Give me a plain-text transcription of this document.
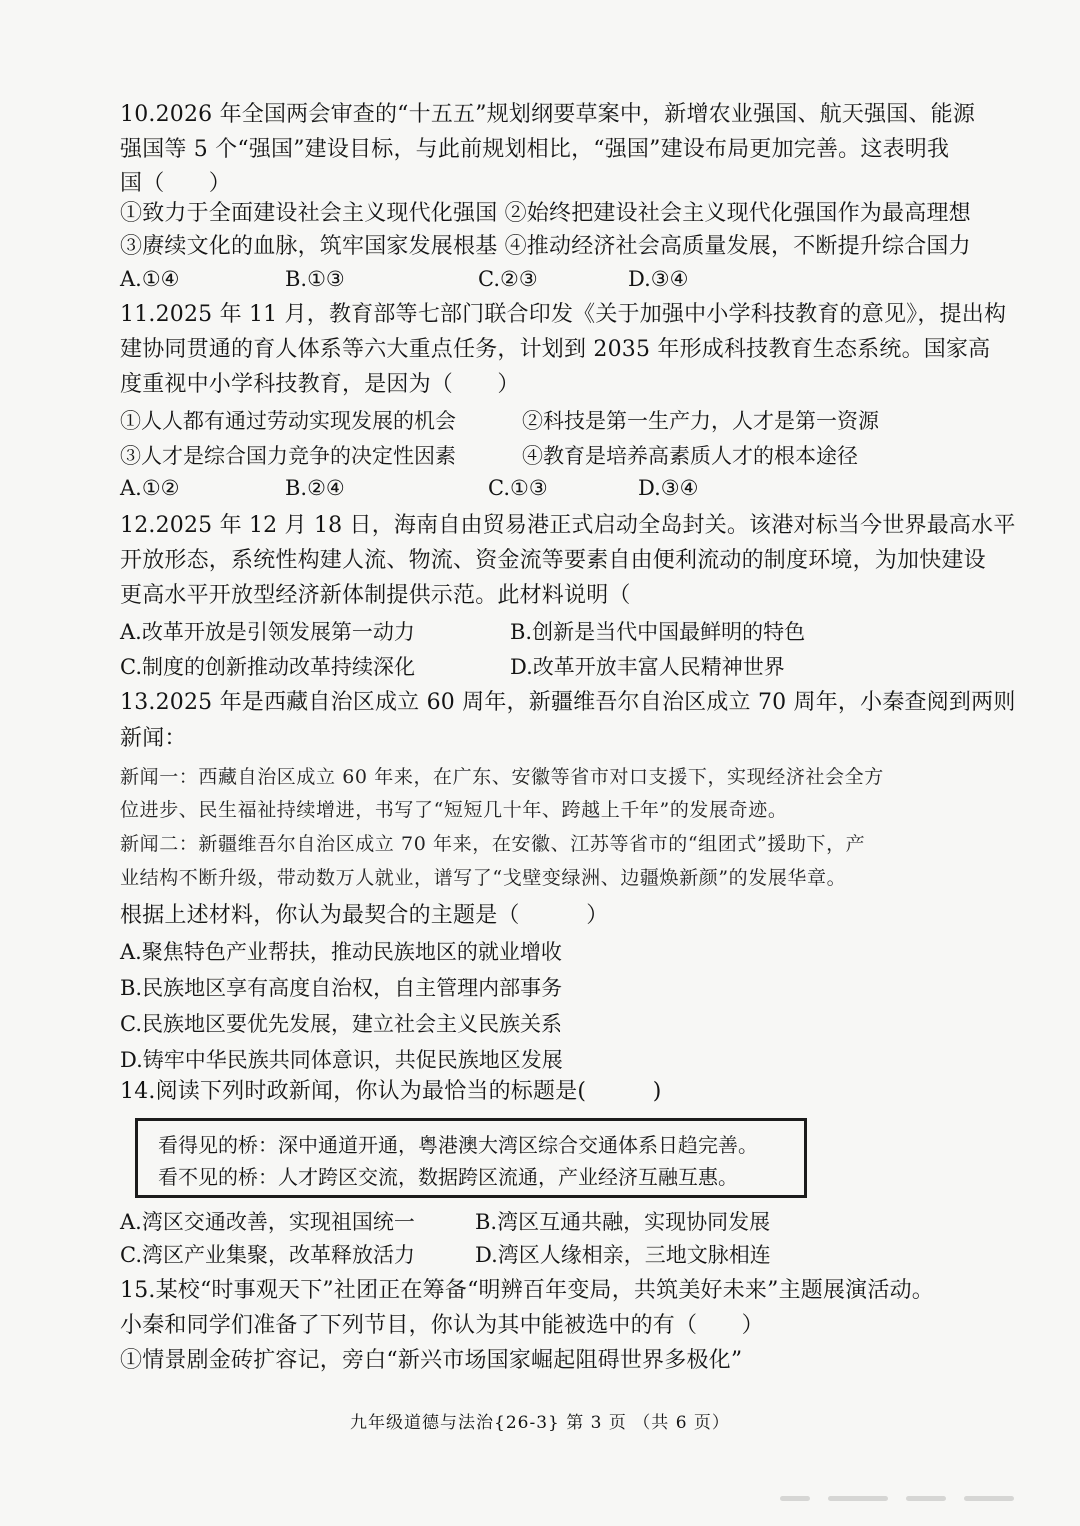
10.2026 年全国两会审查的“十五五”规划纲要草案中，新增农业强国、航天强国、能源
强国等 5 个“强国”建设目标，与此前规划相比，“强国”建设布局更加完善。这表明我
国（　　）
①致力于全面建设社会主义现代化强国 ②始终把建设社会主义现代化强国作为最高理想
③赓续文化的血脉，筑牢国家发展根基 ④推动经济社会高质量发展，不断提升综合国力
A.①④	B.①③	C.②③	D.③④
11.2025 年 11 月，教育部等七部门联合印发《关于加强中小学科技教育的意见》，提出构
建协同贯通的育人体系等六大重点任务，计划到 2035 年形成科技教育生态系统。国家高
度重视中小学科技教育，是因为（　　）
①人人都有通过劳动实现发展的机会	②科技是第一生产力，人才是第一资源
③人才是综合国力竞争的决定性因素	④教育是培养高素质人才的根本途径
A.①②	B.②④	C.①③	D.③④
12.2025 年 12 月 18 日，海南自由贸易港正式启动全岛封关。该港对标当今世界最高水平
开放形态，系统性构建人流、物流、资金流等要素自由便利流动的制度环境，为加快建设
更高水平开放型经济新体制提供示范。此材料说明（
A.改革开放是引领发展第一动力	B.创新是当代中国最鲜明的特色
C.制度的创新推动改革持续深化	D.改革开放丰富人民精神世界
13.2025 年是西藏自治区成立 60 周年，新疆维吾尔自治区成立 70 周年，小秦查阅到两则
新闻：
新闻一：西藏自治区成立 60 年来，在广东、安徽等省市对口支援下，实现经济社会全方
位进步、民生福祉持续增进，书写了“短短几十年、跨越上千年”的发展奇迹。
新闻二：新疆维吾尔自治区成立 70 年来，在安徽、江苏等省市的“组团式”援助下，产
业结构不断升级，带动数万人就业，谱写了“戈壁变绿洲、边疆焕新颜”的发展华章。
根据上述材料，你认为最契合的主题是（　　　）
A.聚焦特色产业帮扶，推动民族地区的就业增收
B.民族地区享有高度自治权，自主管理内部事务
C.民族地区要优先发展，建立社会主义民族关系
D.铸牢中华民族共同体意识，共促民族地区发展
14.阅读下列时政新闻，你认为最恰当的标题是(　　　)
看得见的桥：深中通道开通，粤港澳大湾区综合交通体系日趋完善。
看不见的桥：人才跨区交流，数据跨区流通，产业经济互融互惠。
A.湾区交通改善，实现祖国统一	B.湾区互通共融，实现协同发展
C.湾区产业集聚，改革释放活力	D.湾区人缘相亲，三地文脉相连
15.某校“时事观天下”社团正在筹备“明辨百年变局，共筑美好未来”主题展演活动。
小秦和同学们准备了下列节目，你认为其中能被选中的有（　　）
①情景剧金砖扩容记，旁白“新兴市场国家崛起阻碍世界多极化”
九年级道德与法治{26-3} 第 3 页 （共 6 页）
